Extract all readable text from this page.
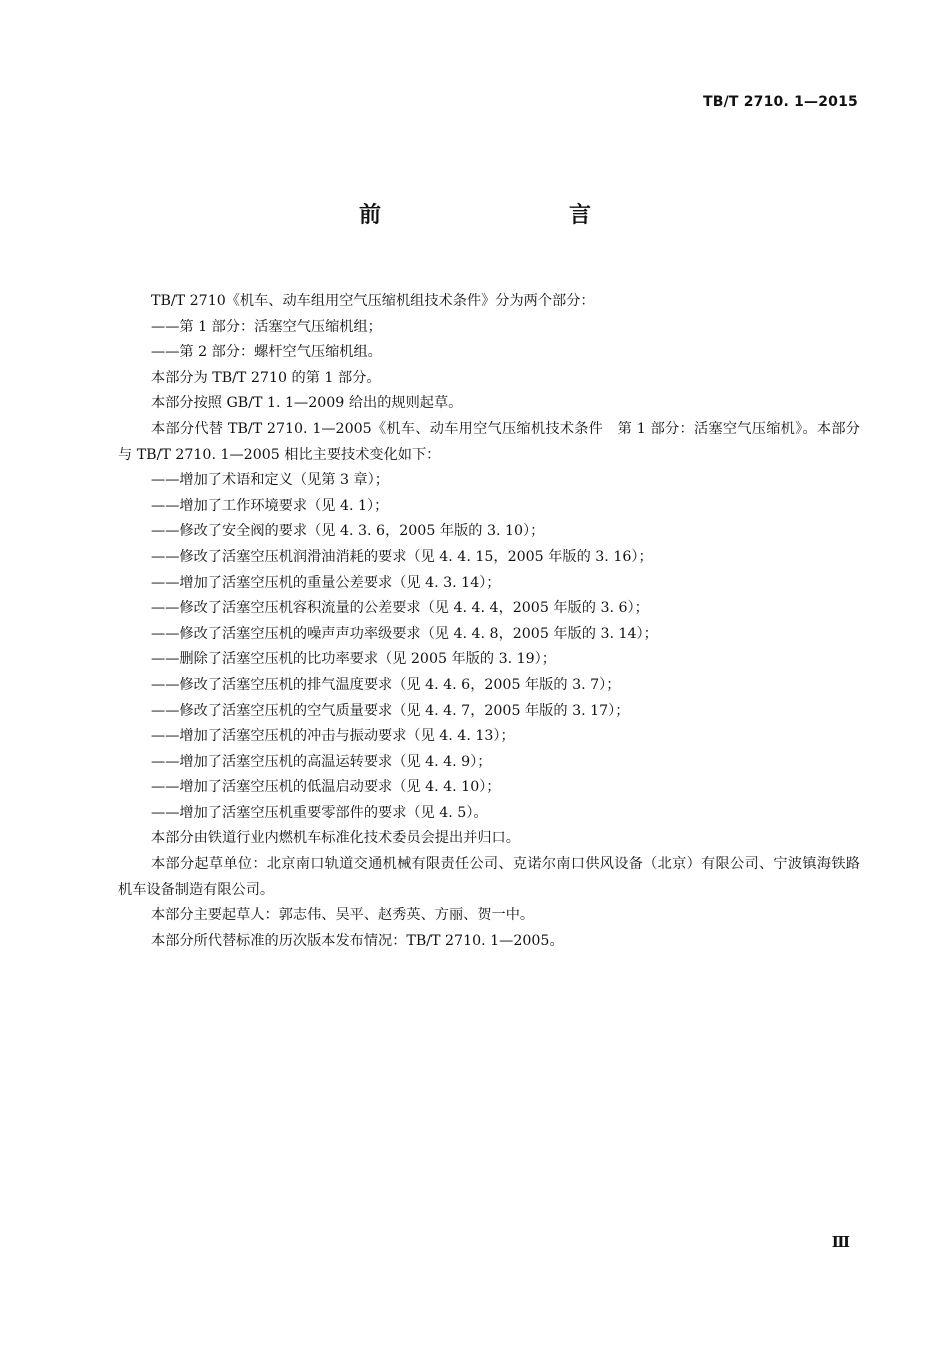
TB/T 2710. 1—2015
前　　言

TB/T 2710《机车、动车组用空气压缩机组技术条件》分为两个部分：

——第 1 部分：活塞空气压缩机组；

——第 2 部分：螺杆空气压缩机组。

本部分为 TB/T 2710 的第 1 部分。

本部分按照 GB/T 1. 1—2009 给出的规则起草。

本部分代替 TB/T 2710. 1—2005《机车、动车用空气压缩机技术条件　第 1 部分：活塞空气压缩机》。本部分与 TB/T 2710. 1—2005 相比主要技术变化如下：

——增加了术语和定义（见第 3 章）；

——增加了工作环境要求（见 4. 1）；

——修改了安全阀的要求（见 4. 3. 6，2005 年版的 3. 10）；

——修改了活塞空压机润滑油消耗的要求（见 4. 4. 15，2005 年版的 3. 16）；

——增加了活塞空压机的重量公差要求（见 4. 3. 14）；

——修改了活塞空压机容积流量的公差要求（见 4. 4. 4，2005 年版的 3. 6）；

——修改了活塞空压机的噪声声功率级要求（见 4. 4. 8，2005 年版的 3. 14）；

——删除了活塞空压机的比功率要求（见 2005 年版的 3. 19）；

——修改了活塞空压机的排气温度要求（见 4. 4. 6，2005 年版的 3. 7）；

——修改了活塞空压机的空气质量要求（见 4. 4. 7，2005 年版的 3. 17）；

——增加了活塞空压机的冲击与振动要求（见 4. 4. 13）；

——增加了活塞空压机的高温运转要求（见 4. 4. 9）；

——增加了活塞空压机的低温启动要求（见 4. 4. 10）；

——增加了活塞空压机重要零部件的要求（见 4. 5）。

本部分由铁道行业内燃机车标准化技术委员会提出并归口。

本部分起草单位：北京南口轨道交通机械有限责任公司、克诺尔南口供风设备（北京）有限公司、宁波镇海铁路机车设备制造有限公司。

本部分主要起草人：郭志伟、吴平、赵秀英、方丽、贺一中。

本部分所代替标准的历次版本发布情况：TB/T 2710. 1—2005。

Ⅲ
